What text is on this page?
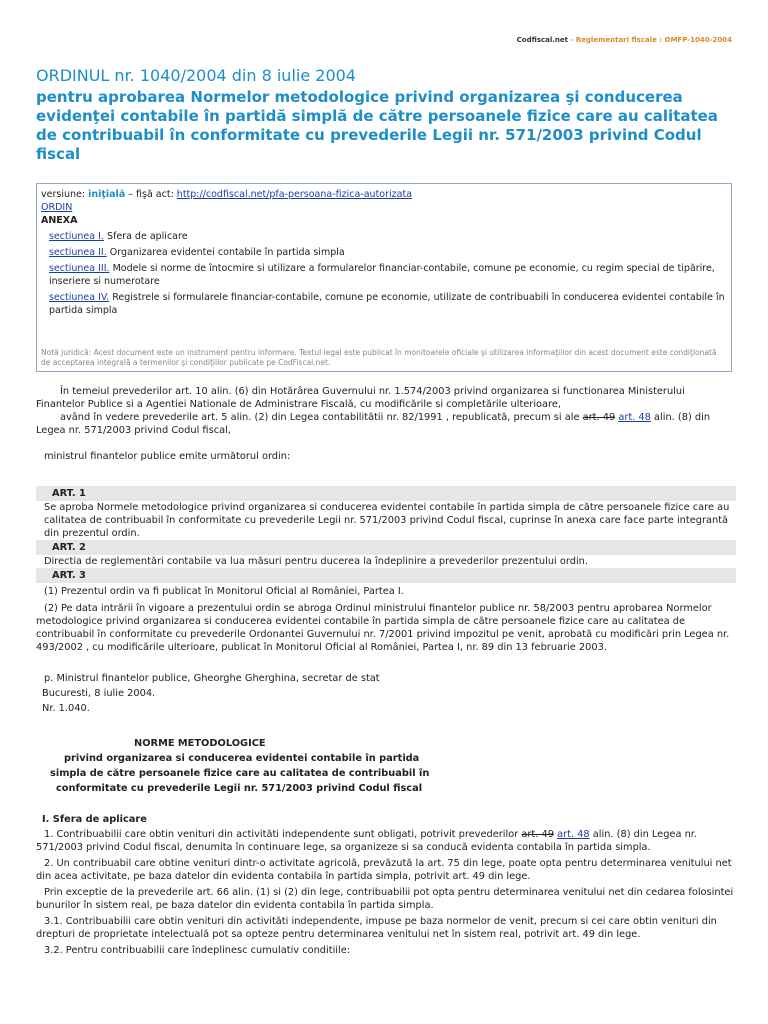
Codfiscal.net - Reglementari fiscale : OMFP-1040-2004
ORDINUL nr. 1040/2004 din 8 iulie 2004
pentru aprobarea Normelor metodologice privind organizarea şi conducerea evidenţei contabile în partidă simplă de către persoanele fizice care au calitatea de contribuabil în conformitate cu prevederile Legii nr. 571/2003 privind Codul fiscal
versiune: iniţială – fişă act: http://codfiscal.net/pfa-persoana-fizica-autorizata
ORDIN
ANEXA
sectiunea I. Sfera de aplicare
sectiunea II. Organizarea evidentei contabile în partida simpla
sectiunea III. Modele si norme de întocmire si utilizare a formularelor financiar-contabile, comune pe economie, cu regim special de tipărire, inseriere si numerotare
sectiunea IV. Registrele si formularele financiar-contabile, comune pe economie, utilizate de contribuabili în conducerea evidentei contabile în partida simpla
Notă juridică: Acest document este un instrument pentru informare. Textul legal este publicat în monitoarele oficiale şi utilizarea informaţiilor din acest document este condiţionată de acceptarea integrală a termenilor şi condiţiilor publicate pe CodFiscal.net.

În temeiul prevederilor art. 10 alin. (6) din Hotărârea Guvernului nr. 1.574/2003 privind organizarea si functionarea Ministerului Finantelor Publice si a Agentiei Nationale de Administrare Fiscală, cu modificările si completările ulterioare,

având în vedere prevederile art. 5 alin. (2) din Legea contabilitătii nr. 82/1991 , republicată, precum si ale art. 49 art. 48 alin. (8) din Legea nr. 571/2003 privind Codul fiscal,

ministrul finantelor publice emite următorul ordin:

ART. 1

Se aproba Normele metodologice privind organizarea si conducerea evidentei contabile în partida simpla de către persoanele fizice care au calitatea de contribuabil în conformitate cu prevederile Legii nr. 571/2003 privind Codul fiscal, cuprinse în anexa care face parte integrantă din prezentul ordin.

ART. 2

Directia de reglementări contabile va lua măsuri pentru ducerea la îndeplinire a prevederilor prezentului ordin.

ART. 3

(1) Prezentul ordin va fi publicat în Monitorul Oficial al României, Partea I.

(2) Pe data intrării în vigoare a prezentului ordin se abroga Ordinul ministrului finantelor publice nr. 58/2003 pentru aprobarea Normelor metodologice privind organizarea si conducerea evidentei contabile în partida simpla de către persoanele fizice care au calitatea de contribuabil în conformitate cu prevederile Ordonantei Guvernului nr. 7/2001 privind impozitul pe venit, aprobată cu modificări prin Legea nr. 493/2002 , cu modificările ulterioare, publicat în Monitorul Oficial al României, Partea I, nr. 89 din 13 februarie 2003.

p. Ministrul finantelor publice, Gheorghe Gherghina, secretar de stat

Bucuresti, 8 iulie 2004.

Nr. 1.040.

NORME METODOLOGICE

privind organizarea si conducerea evidentei contabile în partida

simpla de către persoanele fizice care au calitatea de contribuabil în

conformitate cu prevederile Legii nr. 571/2003 privind Codul fiscal

I. Sfera de aplicare

1. Contribuabilii care obtin venituri din activităti independente sunt obligati, potrivit prevederilor art. 49 art. 48 alin. (8) din Legea nr. 571/2003 privind Codul fiscal, denumita în continuare lege, sa organizeze si sa conducă evidenta contabila în partida simpla.

2. Un contribuabil care obtine venituri dintr-o activitate agricolă, prevăzută la art. 75 din lege, poate opta pentru determinarea venitului net din acea activitate, pe baza datelor din evidenta contabila în partida simpla, potrivit art. 49 din lege.

Prin exceptie de la prevederile art. 66 alin. (1) si (2) din lege, contribuabilii pot opta pentru determinarea venitului net din cedarea folosintei bunurilor în sistem real, pe baza datelor din evidenta contabila în partida simpla.

3.1. Contribuabilii care obtin venituri din activităti independente, impuse pe baza normelor de venit, precum si cei care obtin venituri din drepturi de proprietate intelectuală pot sa opteze pentru determinarea venitului net în sistem real, potrivit art. 49 din lege.

3.2. Pentru contribuabilii care îndeplinesc cumulativ conditiile:
